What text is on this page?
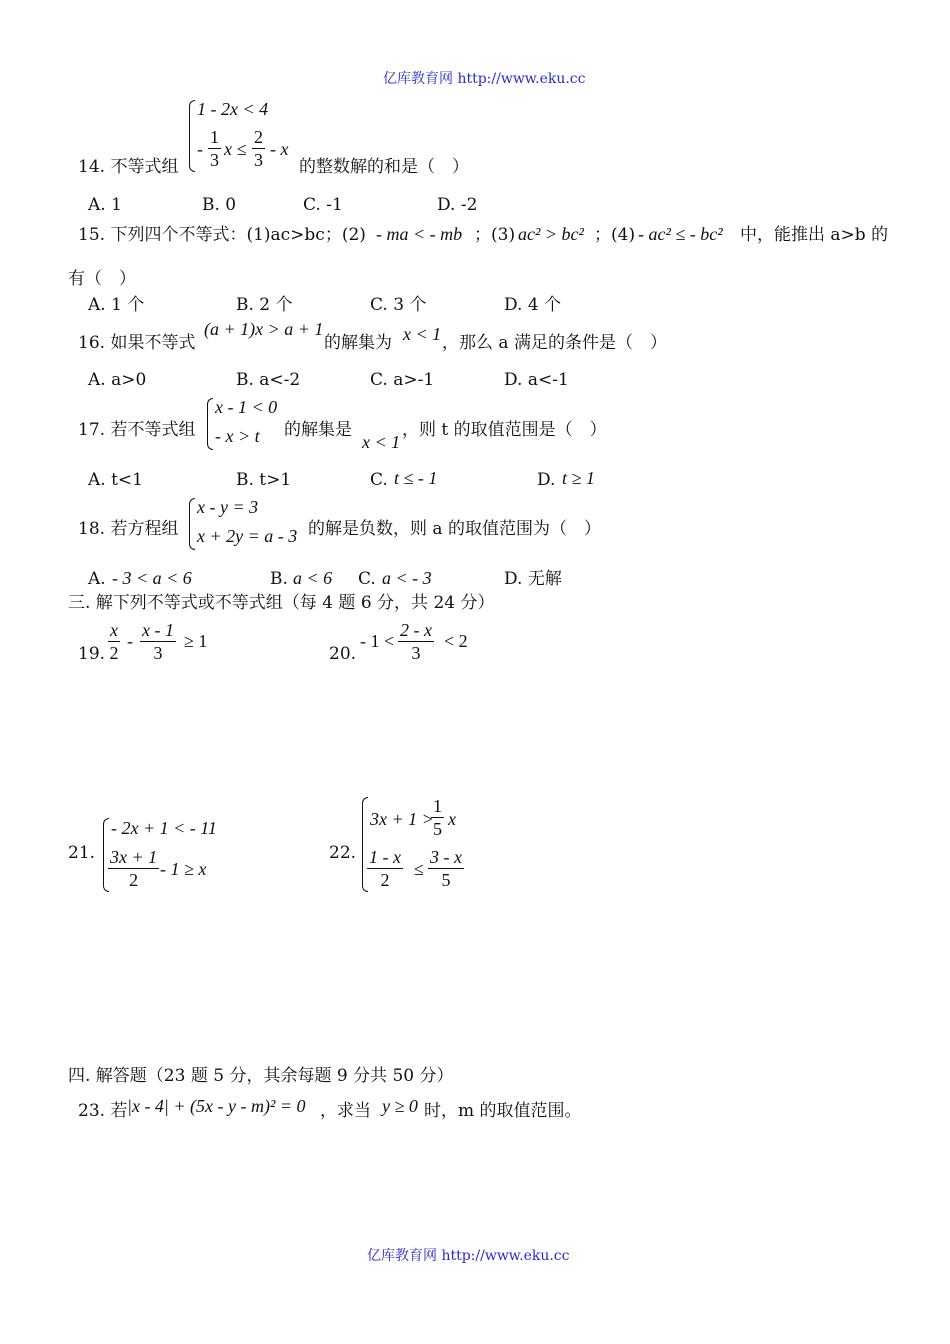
亿库教育网 http://www.eku.cc
1 - 2x < 4
- $\frac{1}{3}$ $x \le \frac{2}{3} - x$
14. 不等式组	的整数解的和是（　）
A. 1	B. 0	C. -1	D. -2
15. 下列四个不等式：(1)ac>bc；(2) - ma < - mb ；(3) ac² > bc² ；(4) - ac² ≤ - bc² 中，能推出 a>b 的
有（　）
A. 1 个	B. 2 个	C. 3 个	D. 4 个
16. 如果不等式
(a + 1)x > a + 1
的解集为 x < 1 ，那么 a 满足的条件是（　）
A. a>0	B. a<-2	C. a>-1	D. a<-1
x - 1 < 0
- x > t
17. 若不等式组	的解集是
x < 1
，则 t 的取值范围是（　）
A. t<1	B. t>1	C. t ≤ - 1	D. t ≥ 1
x - y = 3
x + 2y = a - 3
18. 若方程组	的解是负数，则 a 的取值范围为（　）
A. - 3 < a < 6	B. a < 6 C. a < - 3	D. 无解
三. 解下列不等式或不等式组（每 4 题 6 分，共 24 分）
19. $\frac{x}{2} - \frac{x - 1}{3} \ge 1$
20.
- $1 < \frac{2 - x}{3} < 2$
21.
- 2x + 1 < - 11
$\frac{3x + 1}{2} - 1 \ge x$
22.
3x + 1 >
$\frac{1}{5}$ x
$\frac{1 - x}{2} \le \frac{3 - x}{5}$
四. 解答题（23 题 5 分，其余每题 9 分共 50 分）
23. 若 |x - 4| + (5x - y - m)² = 0 ，求当 y ≥ 0 时，m 的取值范围。
亿库教育网 http://www.eku.cc
